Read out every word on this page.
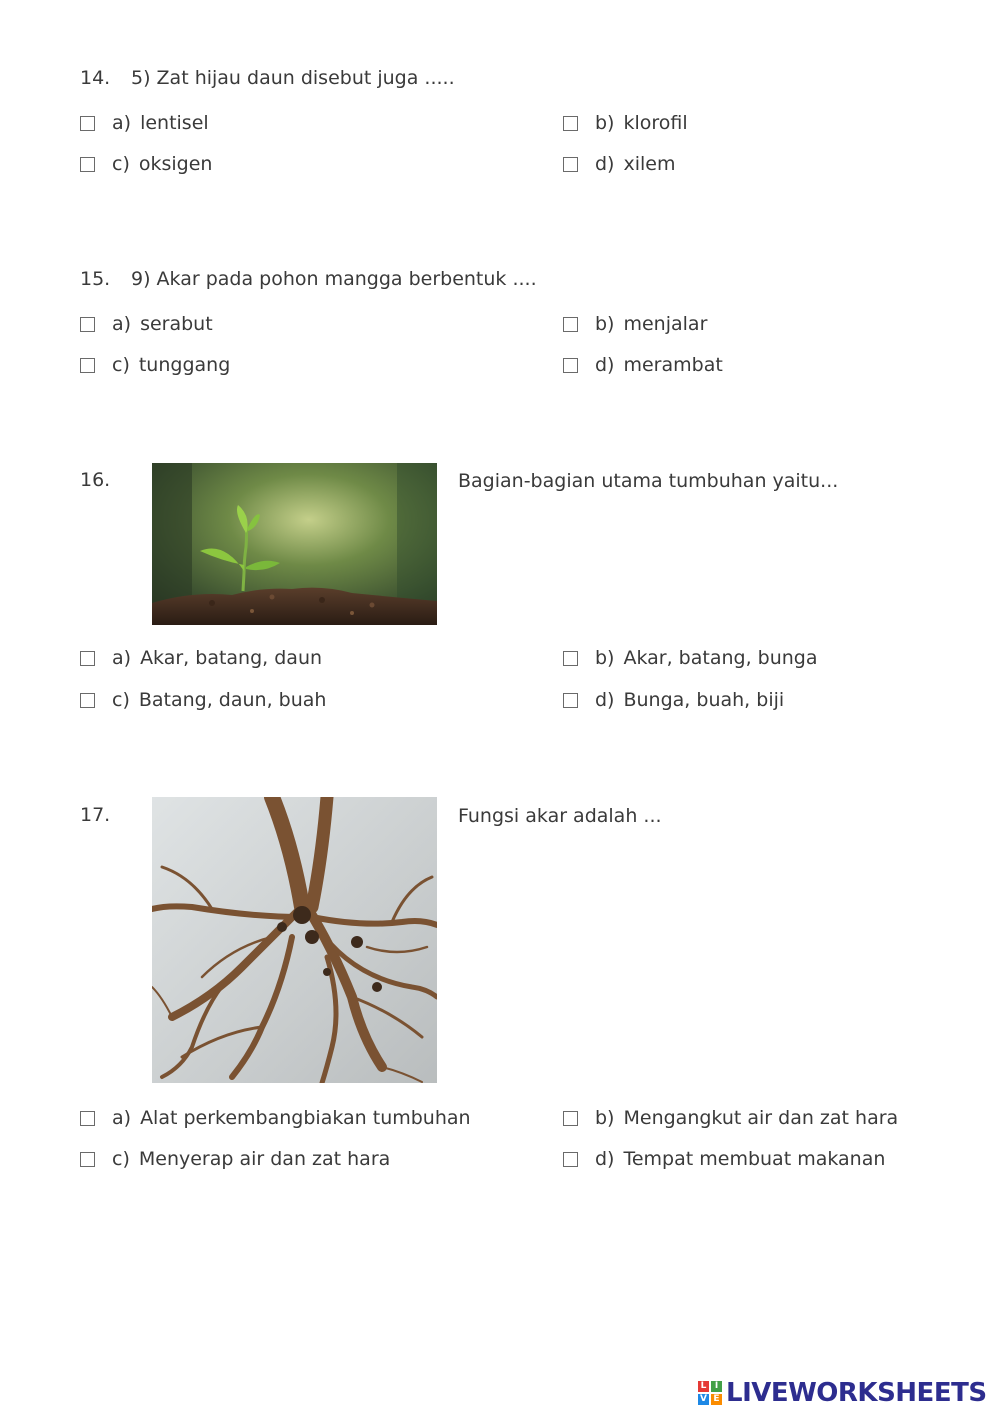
14. 5) Zat hijau daun disebut juga .....
a) lentisel	b) klorofil
c) oksigen	d) xilem
15. 9) Akar pada pohon mangga berbentuk ....
a) serabut	b) menjalar
c) tunggang	d) merambat
16.	Bagian-bagian utama tumbuhan yaitu...
a) Akar, batang, daun	b) Akar, batang, bunga
c) Batang, daun, buah	d) Bunga, buah, biji
17.	Fungsi akar adalah ...
a) Alat perkembangbiakan tumbuhan	b) Mengangkut air dan zat hara
c) Menyerap air dan zat hara	d) Tempat membuat makanan
L I
V E LIVEWORKSHEETS
